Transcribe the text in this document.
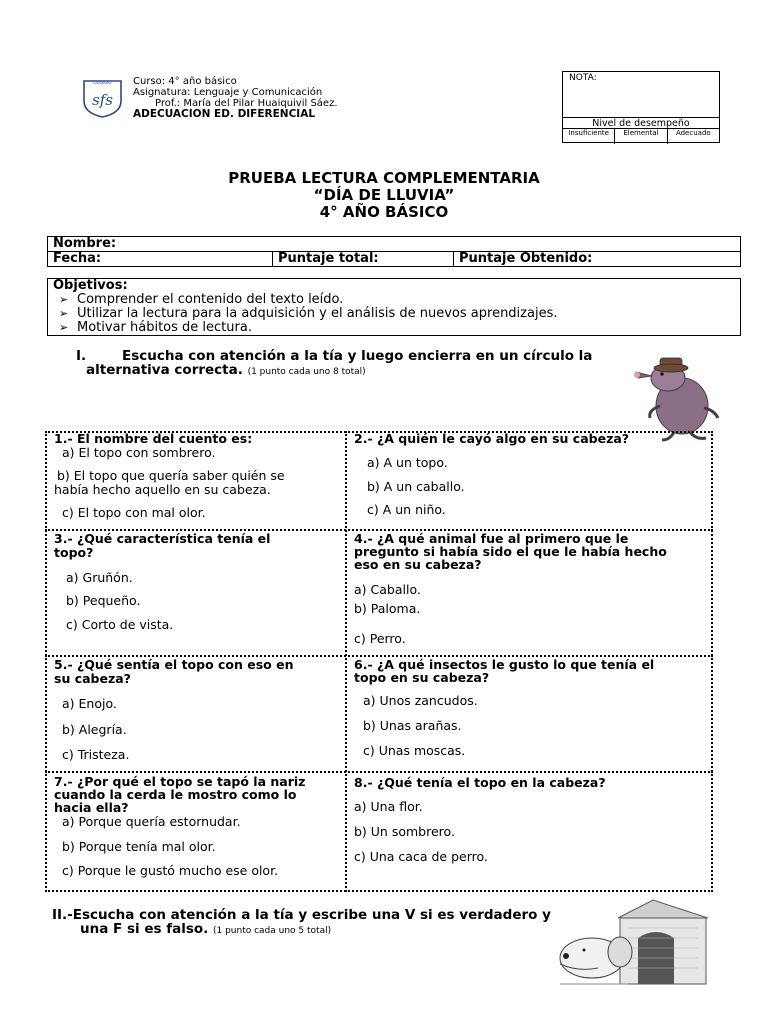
COLEGIO
sfs
Curso: 4° año básico
Asignatura: Lenguaje y Comunicación
Prof.: María del Pilar Huaiquivil Sáez.
ADECUACION ED. DIFERENCIAL
NOTA:
Nivel de desempeño
Insuficiente	Elemental	Adecuado
PRUEBA LECTURA COMPLEMENTARIA
“DÍA DE LLUVIA”
4° AÑO BÁSICO
Nombre:
Fecha:	Puntaje total:	Puntaje Obtenido:
Objetivos:
➢ Comprender el contenido del texto leído.
➢ Utilizar la lectura para la adquisición y el análisis de nuevos aprendizajes.
➢ Motivar hábitos de lectura.
I.	Escucha con atención a la tía y luego encierra en un círculo la
alternativa correcta. (1 punto cada uno 8 total)
1.- El nombre del cuento es:
a) El topo con sombrero.
b) El topo que quería saber quién se
había hecho aquello en su cabeza.
c) El topo con mal olor.
2.- ¿A quién le cayó algo en su cabeza?
a) A un topo.
b) A un caballo.
c) A un niño.
3.- ¿Qué característica tenía el
topo?
a) Gruñón.
b) Pequeño.
c) Corto de vista.
4.- ¿A qué animal fue al primero que le
pregunto si había sido el que le había hecho
eso en su cabeza?
a) Caballo.
b) Paloma.
c) Perro.
5.- ¿Qué sentía el topo con eso en
su cabeza?
a) Enojo.
b) Alegría.
c) Tristeza.
6.- ¿A qué insectos le gusto lo que tenía el
topo en su cabeza?
a) Unos zancudos.
b) Unas arañas.
c) Unas moscas.
7.- ¿Por qué el topo se tapó la nariz
cuando la cerda le mostro como lo
hacia ella?
a) Porque quería estornudar.
b) Porque tenía mal olor.
c) Porque le gustó mucho ese olor.
8.- ¿Qué tenía el topo en la cabeza?
a) Una flor.
b) Un sombrero.
c) Una caca de perro.
II.-Escucha con atención a la tía y escribe una V si es verdadero y
una F si es falso. (1 punto cada uno 5 total)
